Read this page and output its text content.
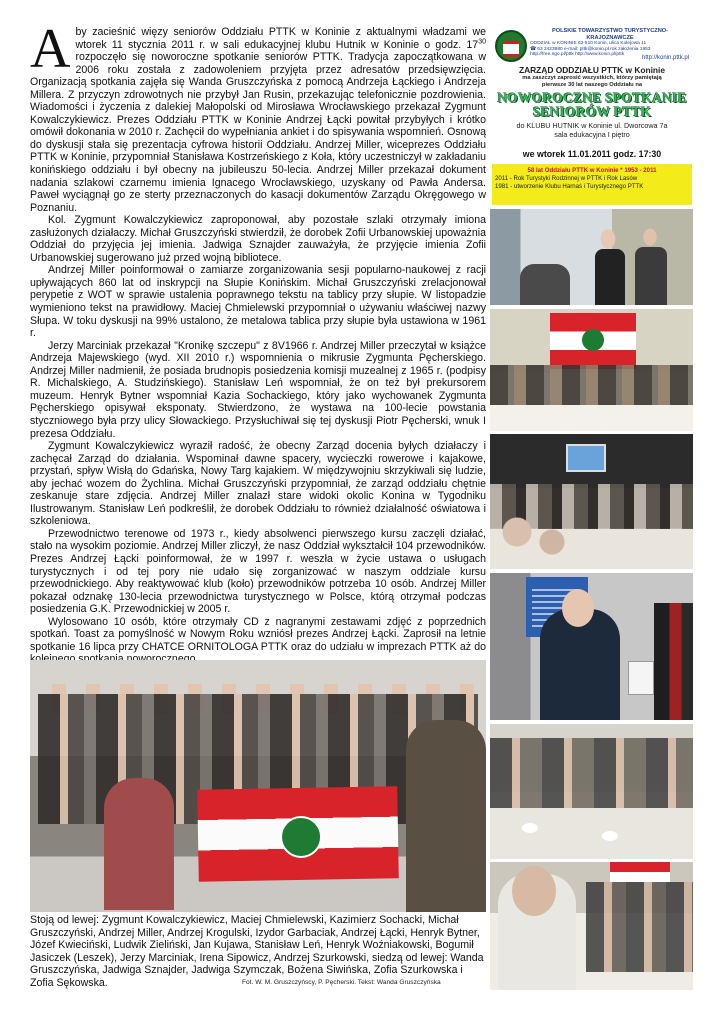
Aby zacieśnić więzy seniorów Oddziału PTTK w Koninie z aktualnymi władzami we wtorek 11 stycznia 2011 r. w sali edukacyjnej klubu Hutnik w Koninie o godz. $17^{30}$ rozpoczęło się noworoczne spotkanie seniorów PTTK. Tradycja zapoczątkowana w 2006 roku została z zadowoleniem przyjęta przez adresatów przedsięwzięcia. Organizacją spotkania zajęła się Wanda Gruszczyńska z pomocą Andrzeja Łąckiego i Andrzeja Millera. Z przyczyn zdrowotnych nie przybył Jan Rusin, przekazując telefonicznie pozdrowienia. Wiadomości i życzenia z dalekiej Małopolski od Mirosława Wrocławskiego przekazał Zygmunt Kowalczykiewicz. Prezes Oddziału PTTK w Koninie Andrzej Łącki powitał przybyłych i krótko omówił dokonania w 2010 r. Zachęcił do wypełniania ankiet i do spisywania wspomnień. Osnową do dyskusji stała się prezentacja cyfrowa historii Oddziału. Andrzej Miller, wiceprezes Oddziału PTTK w Koninie, przypomniał Stanisława Kostrzeńskiego z Koła, który uczestniczył w zakładaniu konińskiego oddziału i był obecny na jubileuszu 50-lecia. Andrzej Miller przekazał dokument nadania szlakowi czarnemu imienia Ignacego Wrocławskiego, uzyskany od Pawła Andersa. Paweł wyciągnął go ze sterty przeznaczonych do kasacji dokumentów Zarządu Okręgowego w Poznaniu.

Kol. Zygmunt Kowalczykiewicz zaproponował, aby pozostałe szlaki otrzymały imiona zasłużonych działaczy. Michał Gruszczyński stwierdził, że dorobek Zofii Urbanowskiej upoważnia Oddział do przyjęcia jej imienia. Jadwiga Sznajder zauważyła, że przyjęcie imienia Zofii Urbanowskiej sugerowano już przed wojną bibliotece.

Andrzej Miller poinformował o zamiarze zorganizowania sesji popularno-naukowej z racji upływających 860 lat od inskrypcji na Słupie Konińskim. Michał Gruszczyński zrelacjonował perypetie z WOT w sprawie ustalenia poprawnego tekstu na tablicy przy słupie. W listopadzie wymieniono tekst na prawidłowy. Maciej Chmielewski przypomniał o używaniu właściwej nazwy Słupa. W toku dyskusji na 99% ustalono, że metalowa tablica przy słupie była ustawiona w 1961 r.

Jerzy Marciniak przekazał "Kronikę szczepu" z 8V1966 r. Andrzej Miller przeczytał w książce Andrzeja Majewskiego (wyd. XII 2010 r.) wspomnienia o mikrusie Zygmunta Pęcherskiego. Andrzej Miller nadmienił, że posiada brudnopis posiedzenia komisji muzealnej z 1965 r. (podpisy R. Michalskiego, A. Studzińskiego). Stanisław Leń wspomniał, że on też był prekursorem muzeum. Henryk Bytner wspomniał Kazia Sochackiego, który jako wychowanek Zygmunta Pęcherskiego opisywał eksponaty. Stwierdzono, że wystawa na 100-lecie powstania styczniowego była przy ulicy Słowackiego. Przysłuchiwał się tej dyskusji Piotr Pęcherski, wnuk I prezesa Oddziału.

Zygmunt Kowalczykiewicz wyraził radość, że obecny Zarząd docenia byłych działaczy i zachęcał Zarząd do działania. Wspominał dawne spacery, wycieczki rowerowe i kajakowe, przystań, spływ Wisłą do Gdańska, Nowy Targ kajakiem. W międzywojniu skrzykiwali się ludzie, aby jechać wozem do Żychlina. Michał Gruszczyński przypomniał, że zarząd oddziału chętnie zeskanuje stare zdjęcia. Andrzej Miller znalazł stare widoki okolic Konina w Tygodniku Ilustrowanym. Stanisław Leń podkreślił, że dorobek Oddziału to również działalność oświatowa i szkoleniowa.

Przewodnictwo terenowe od 1973 r., kiedy absolwenci pierwszego kursu zaczęli działać, stało na wysokim poziomie. Andrzej Miller zliczył, że nasz Oddział wykształcił 104 przewodników. Prezes Andrzej Łącki poinformował, że w 1997 r. weszła w życie ustawa o usługach turystycznych i od tej pory nie udało się zorganizować w naszym oddziale kursu przewodnickiego. Aby reaktywować klub (koło) przewodników potrzeba 10 osób. Andrzej Miller pokazał odznakę 130-lecia przewodnictwa turystycznego w Polsce, którą otrzymał podczas posiedzenia G.K. Przewodnickiej w 2005 r.

Wylosowano 10 osób, które otrzymały CD z nagranymi zestawami zdjęć z poprzednich spotkań. Toast za pomyślność w Nowym Roku wzniósł prezes Andrzej Łącki. Zaprosił na letnie spotkanie 16 lipca przy CHATCE ORNITOLOGA PTTK oraz do udziału w imprezach PTTK aż do

POLSKIE TOWARZYSTWO TURYSTYCZNO- KRAJOZNAWCZE
ODDZIAŁ w KONINIE 62-510 Konin, ulica Kolejowa 11
☎ 63 2423980 e-mail: pttk@konin.pl rok założenia 1953
http://free.ngo.pl/pttk http://www.konin.pl/pttk
http://konin.pttk.pl
ZARZĄD ODDZIAŁU PTTK w Koninie
ma zaszczyt zaprosić wszystkich, którzy pamiętają
pierwsze 30 lat naszego Oddziału na
NOWOROCZNE SPOTKANIE
SENIORÓW PTTK
do KLUBU HUTNIK w Koninie ul. Dworcowa 7a
sala edukacyjna I piętro
we wtorek 11.01.2011 godz. 17:30
58 lat Oddziału PTTK w Koninie * 1953 - 2011
2011 - Rok Turystyki Rodzinnej w PTTK i Rok Lasów
1981 - utworzenie Klubu Harnaś i Turystycznego PTTK
Stoją od lewej: Zygmunt Kowalczykiewicz, Maciej Chmielewski, Kazimierz Sochacki, Michał Gruszczyński, Andrzej Miller, Andrzej Krogulski, Izydor Garbaciak, Andrzej Łącki, Henryk Bytner, Józef Kwieciński, Ludwik Zieliński, Jan Kujawa, Stanisław Leń, Henryk Woźniakowski, Bogumił Jasiczek (Leszek), Jerzy Marciniak, Irena Sipowicz, Andrzej Szurkowski, siedzą od lewej: Wanda Gruszczyńska, Jadwiga Sznajder, Jadwiga Szymczak, Bożena Siwińska, Zofia Szurkowska i Zofia Sękowska.	Fot. W. M. Gruszczyńscy, P. Pęcherski. Tekst: Wanda Gruszczyńska
